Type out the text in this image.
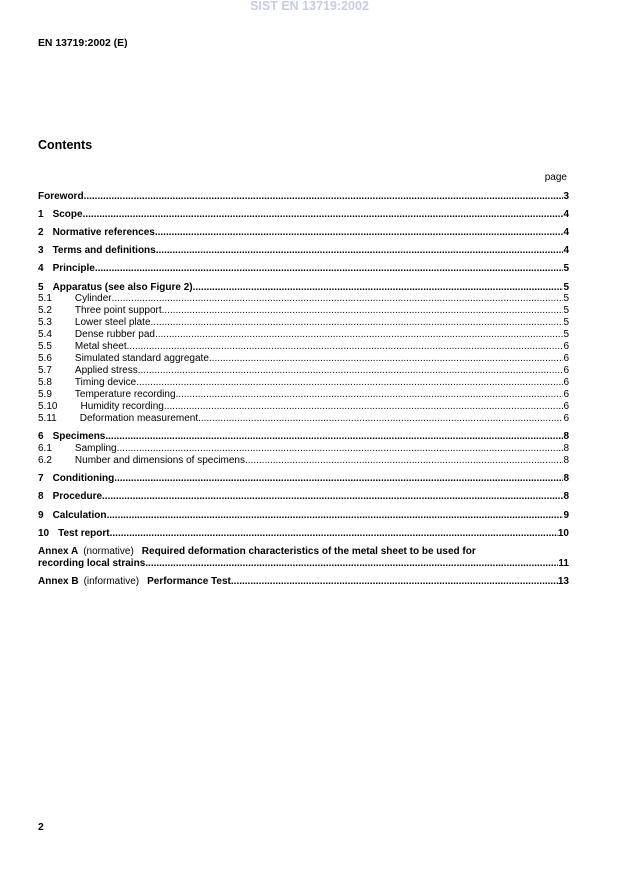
SIST EN 13719:2002
EN 13719:2002 (E)
Contents
page
Foreword .....	3
1 Scope .....	4
2 Normative references .....	4
3 Terms and definitions .....	4
4 Principle .....	5
5 Apparatus (see also Figure 2) .....	5
5.1 Cylinder .....	5
5.2 Three point support .....	5
5.3 Lower steel plate .....	5
5.4 Dense rubber pad .....	5
5.5 Metal sheet .....	6
5.6 Simulated standard aggregate .....	6
5.7 Applied stress .....	6
5.8 Timing device .....	6
5.9 Temperature recording .....	6
5.10 Humidity recording .....	6
5.11 Deformation measurement .....	6
6 Specimens .....	8
6.1 Sampling .....	8
6.2 Number and dimensions of specimens .....	8
7 Conditioning .....	8
8 Procedure .....	8
9 Calculation .....	9
10 Test report .....	10
Annex A (normative) Required deformation characteristics of the metal sheet to be used for
recording local strains .....	11
Annex B (informative) Performance Test .....	13
2
